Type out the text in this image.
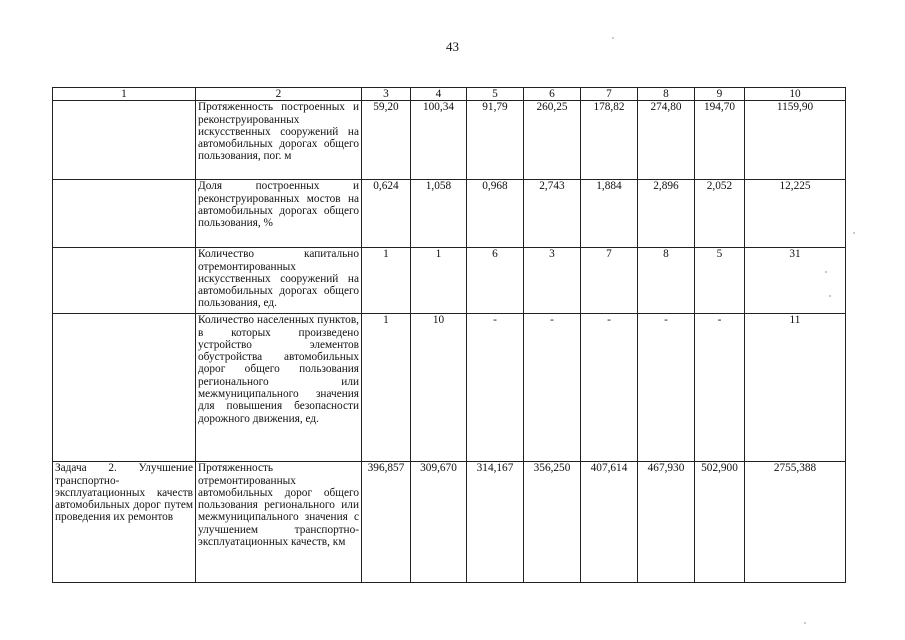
43
1	2	3	4	5	6	7	8	9	10
	Протяженность построенных и реконструированных искусственных сооружений на автомобильных дорогах общего пользования, пог. м	59,20	100,34	91,79	260,25	178,82	274,80	194,70	1159,90
	Доля построенных и реконструированных мостов на автомобильных дорогах общего пользования, %	0,624	1,058	0,968	2,743	1,884	2,896	2,052	12,225
	Количество капитально отремонтированных искусственных сооружений на автомобильных дорогах общего пользования, ед.	1	1	6	3	7	8	5	31
	Количество населенных пунктов, в которых произведено устройство элементов обустройства автомобильных дорог общего пользования регионального или межмуниципального значения для повышения безопасности дорожного движения, ед.	1	10	-	-	-	-	-	11
Задача 2. Улучшение транспортно-эксплуатационных качеств автомобильных дорог путем проведения их ремонтов	Протяженность отремонтированных автомобильных дорог общего пользования регионального или межмуниципального значения с улучшением транспортно-эксплуатационных качеств, км	396,857	309,670	314,167	356,250	407,614	467,930	502,900	2755,388
